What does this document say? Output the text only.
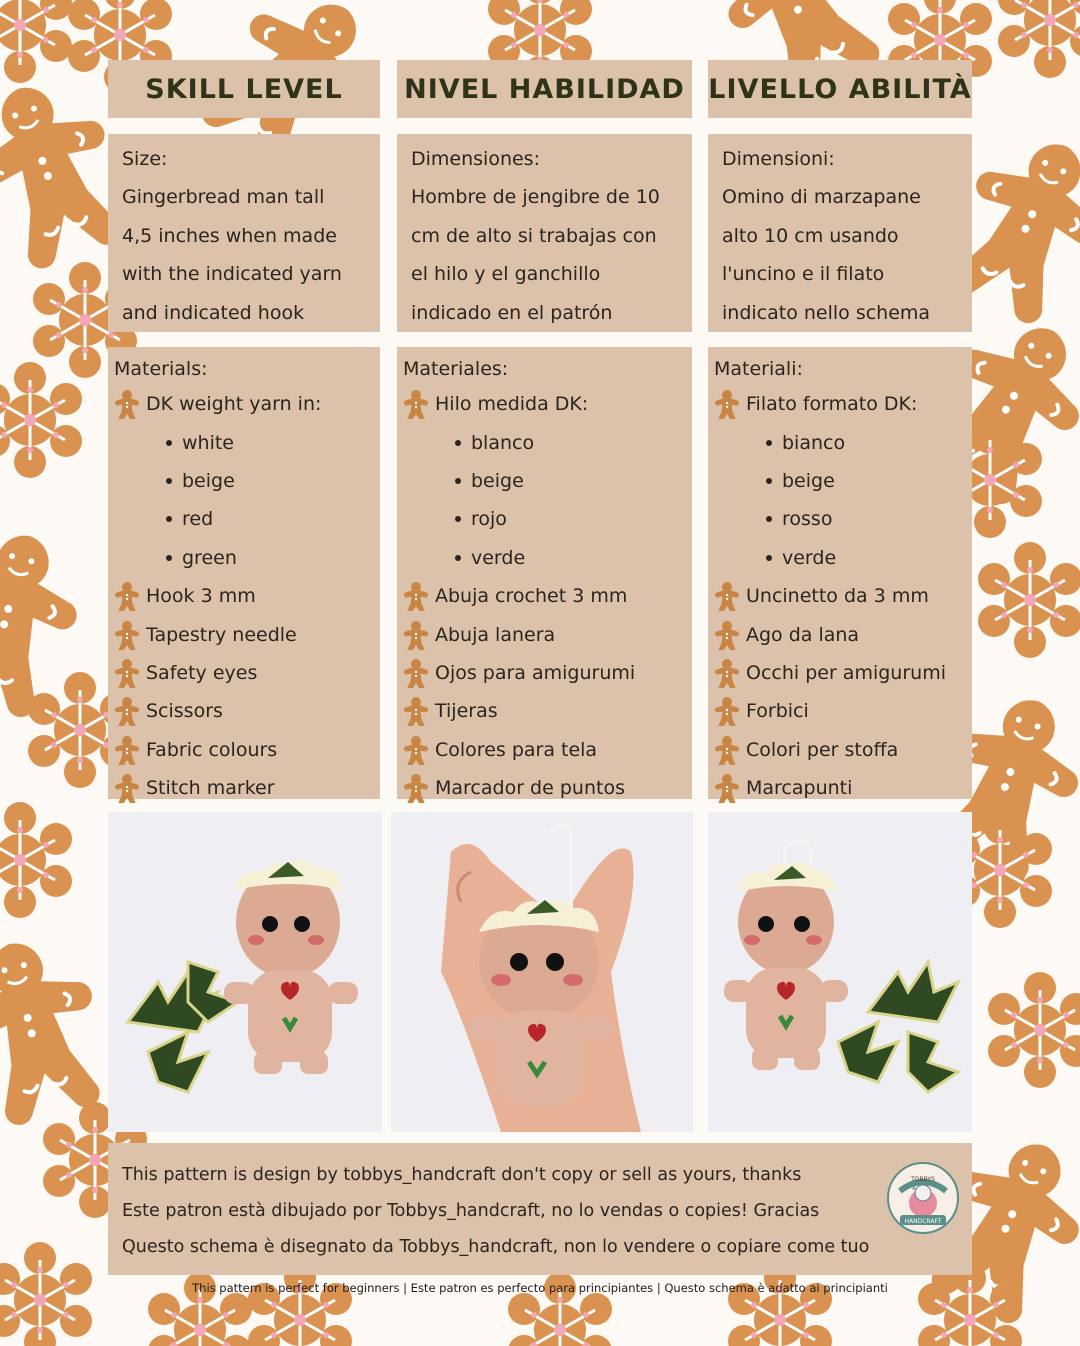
SKILL LEVEL	NIVEL HABILIDAD LIVELLO ABILITÀ
Size:
Gingerbread man tall
4,5 inches when made
with the indicated yarn
and indicated hook
Dimensiones:
Hombre de jengibre de 10
cm de alto si trabajas con
el hilo y el ganchillo
indicado en el patrón
Dimensioni:
Omino di marzapane
alto 10 cm usando
l'uncino e il filato
indicato nello schema
Materials:
DK weight yarn in:
white
beige
red
green
Hook 3 mm
Tapestry needle
Safety eyes
Scissors
Fabric colours
Stitch marker
Materiales:
Hilo medida DK:
blanco
beige
rojo
verde
Abuja crochet 3 mm
Abuja lanera
Ojos para amigurumi
Tijeras
Colores para tela
Marcador de puntos
Materiali:
Filato formato DK:
bianco
beige
rosso
verde
Uncinetto da 3 mm
Ago da lana
Occhi per amigurumi
Forbici
Colori per stoffa
Marcapunti
This pattern is design by tobbys_handcraft don't copy or sell as yours, thanks
Este patron està dibujado por Tobbys_handcraft, no lo vendas o copies! Gracias
Questo schema è disegnato da Tobbys_handcraft, non lo vendere o copiare come tuo
TOBBYS
HANDCRAFT
This pattern is perfect for beginners | Este patron es perfecto para principiantes | Questo schema è adatto ai principianti
